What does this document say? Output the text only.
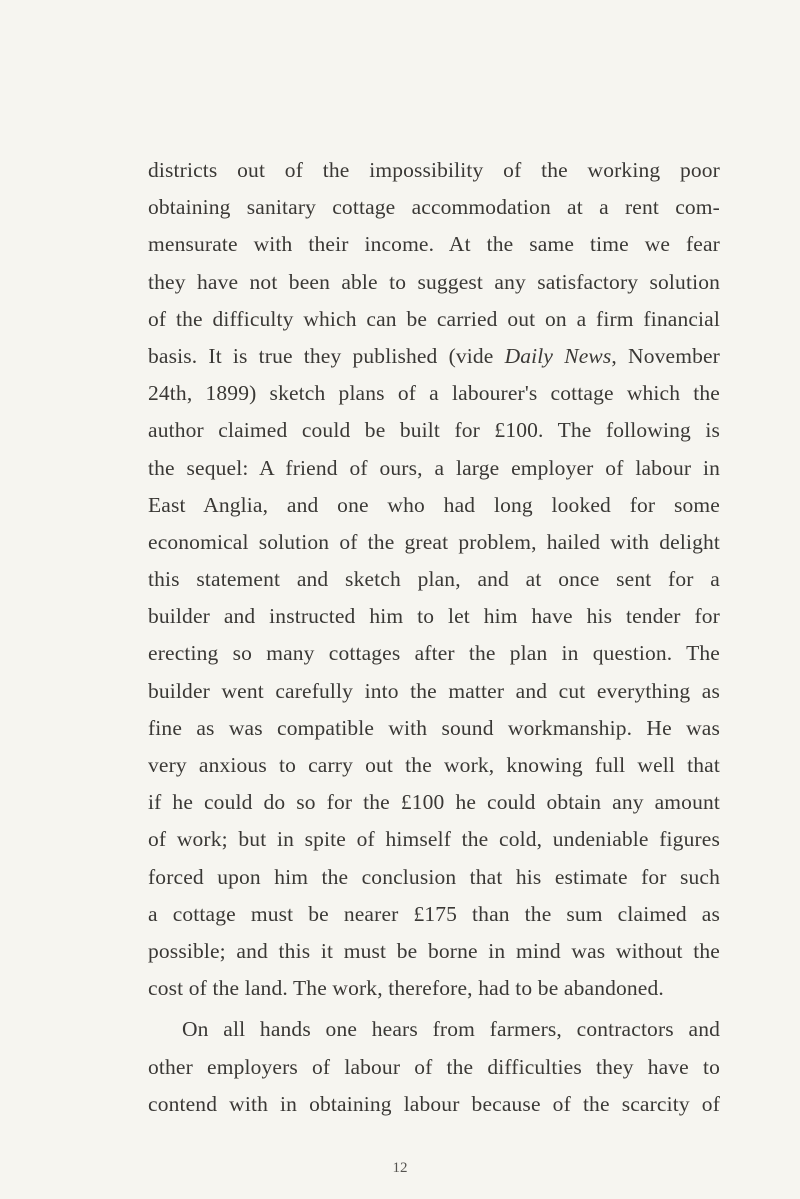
districts out of the impossibility of the working poor
obtaining sanitary cottage accommodation at a rent com-
mensurate with their income. At the same time we fear
they have not been able to suggest any satisfactory solution
of the difficulty which can be carried out on a firm financial
basis. It is true they published (vide Daily News, November
24th, 1899) sketch plans of a labourer's cottage which the
author claimed could be built for £100. The following is
the sequel: A friend of ours, a large employer of labour in
East Anglia, and one who had long looked for some
economical solution of the great problem, hailed with delight
this statement and sketch plan, and at once sent for a
builder and instructed him to let him have his tender for
erecting so many cottages after the plan in question. The
builder went carefully into the matter and cut everything as
fine as was compatible with sound workmanship. He was
very anxious to carry out the work, knowing full well that
if he could do so for the £100 he could obtain any amount
of work; but in spite of himself the cold, undeniable figures
forced upon him the conclusion that his estimate for such
a cottage must be nearer £175 than the sum claimed as
possible; and this it must be borne in mind was without the
cost of the land. The work, therefore, had to be abandoned.
On all hands one hears from farmers, contractors and
other employers of labour of the difficulties they have to
contend with in obtaining labour because of the scarcity of
12
